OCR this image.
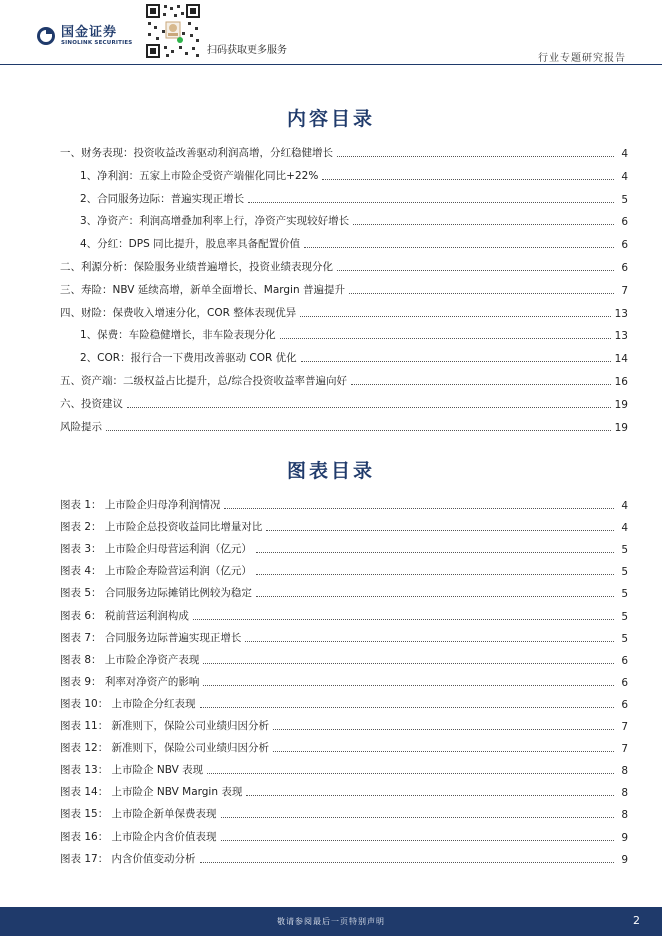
国金证券
SINOLINK SECURITIES
扫码获取更多服务
行业专题研究报告
内容目录
一、财务表现：投资收益改善驱动利润高增，分红稳健增长	4
1、净利润：五家上市险企受资产端催化同比+22%	4
2、合同服务边际：普遍实现正增长	5
3、净资产：利润高增叠加利率上行，净资产实现较好增长	6
4、分红：DPS 同比提升，股息率具备配置价值	6
二、利源分析：保险服务业绩普遍增长，投资业绩表现分化	6
三、寿险：NBV 延续高增，新单全面增长、Margin 普遍提升	7
四、财险：保费收入增速分化，COR 整体表现优异	13
1、保费：车险稳健增长，非车险表现分化	13
2、COR：报行合一下费用改善驱动 COR 优化	14
五、资产端：二级权益占比提升，总/综合投资收益率普遍向好	16
六、投资建议	19
风险提示	19
图表目录
图表 1： 上市险企归母净利润情况	4
图表 2： 上市险企总投资收益同比增量对比	4
图表 3： 上市险企归母营运利润（亿元）	5
图表 4： 上市险企寿险营运利润（亿元）	5
图表 5： 合同服务边际摊销比例较为稳定	5
图表 6： 税前营运利润构成	5
图表 7： 合同服务边际普遍实现正增长	5
图表 8： 上市险企净资产表现	6
图表 9： 利率对净资产的影响	6
图表 10： 上市险企分红表现	6
图表 11： 新准则下，保险公司业绩归因分析	7
图表 12： 新准则下，保险公司业绩归因分析	7
图表 13： 上市险企 NBV 表现	8
图表 14： 上市险企 NBV Margin 表现	8
图表 15： 上市险企新单保费表现	8
图表 16： 上市险企内含价值表现	9
图表 17： 内含价值变动分析	9
敬请参阅最后一页特别声明	2
